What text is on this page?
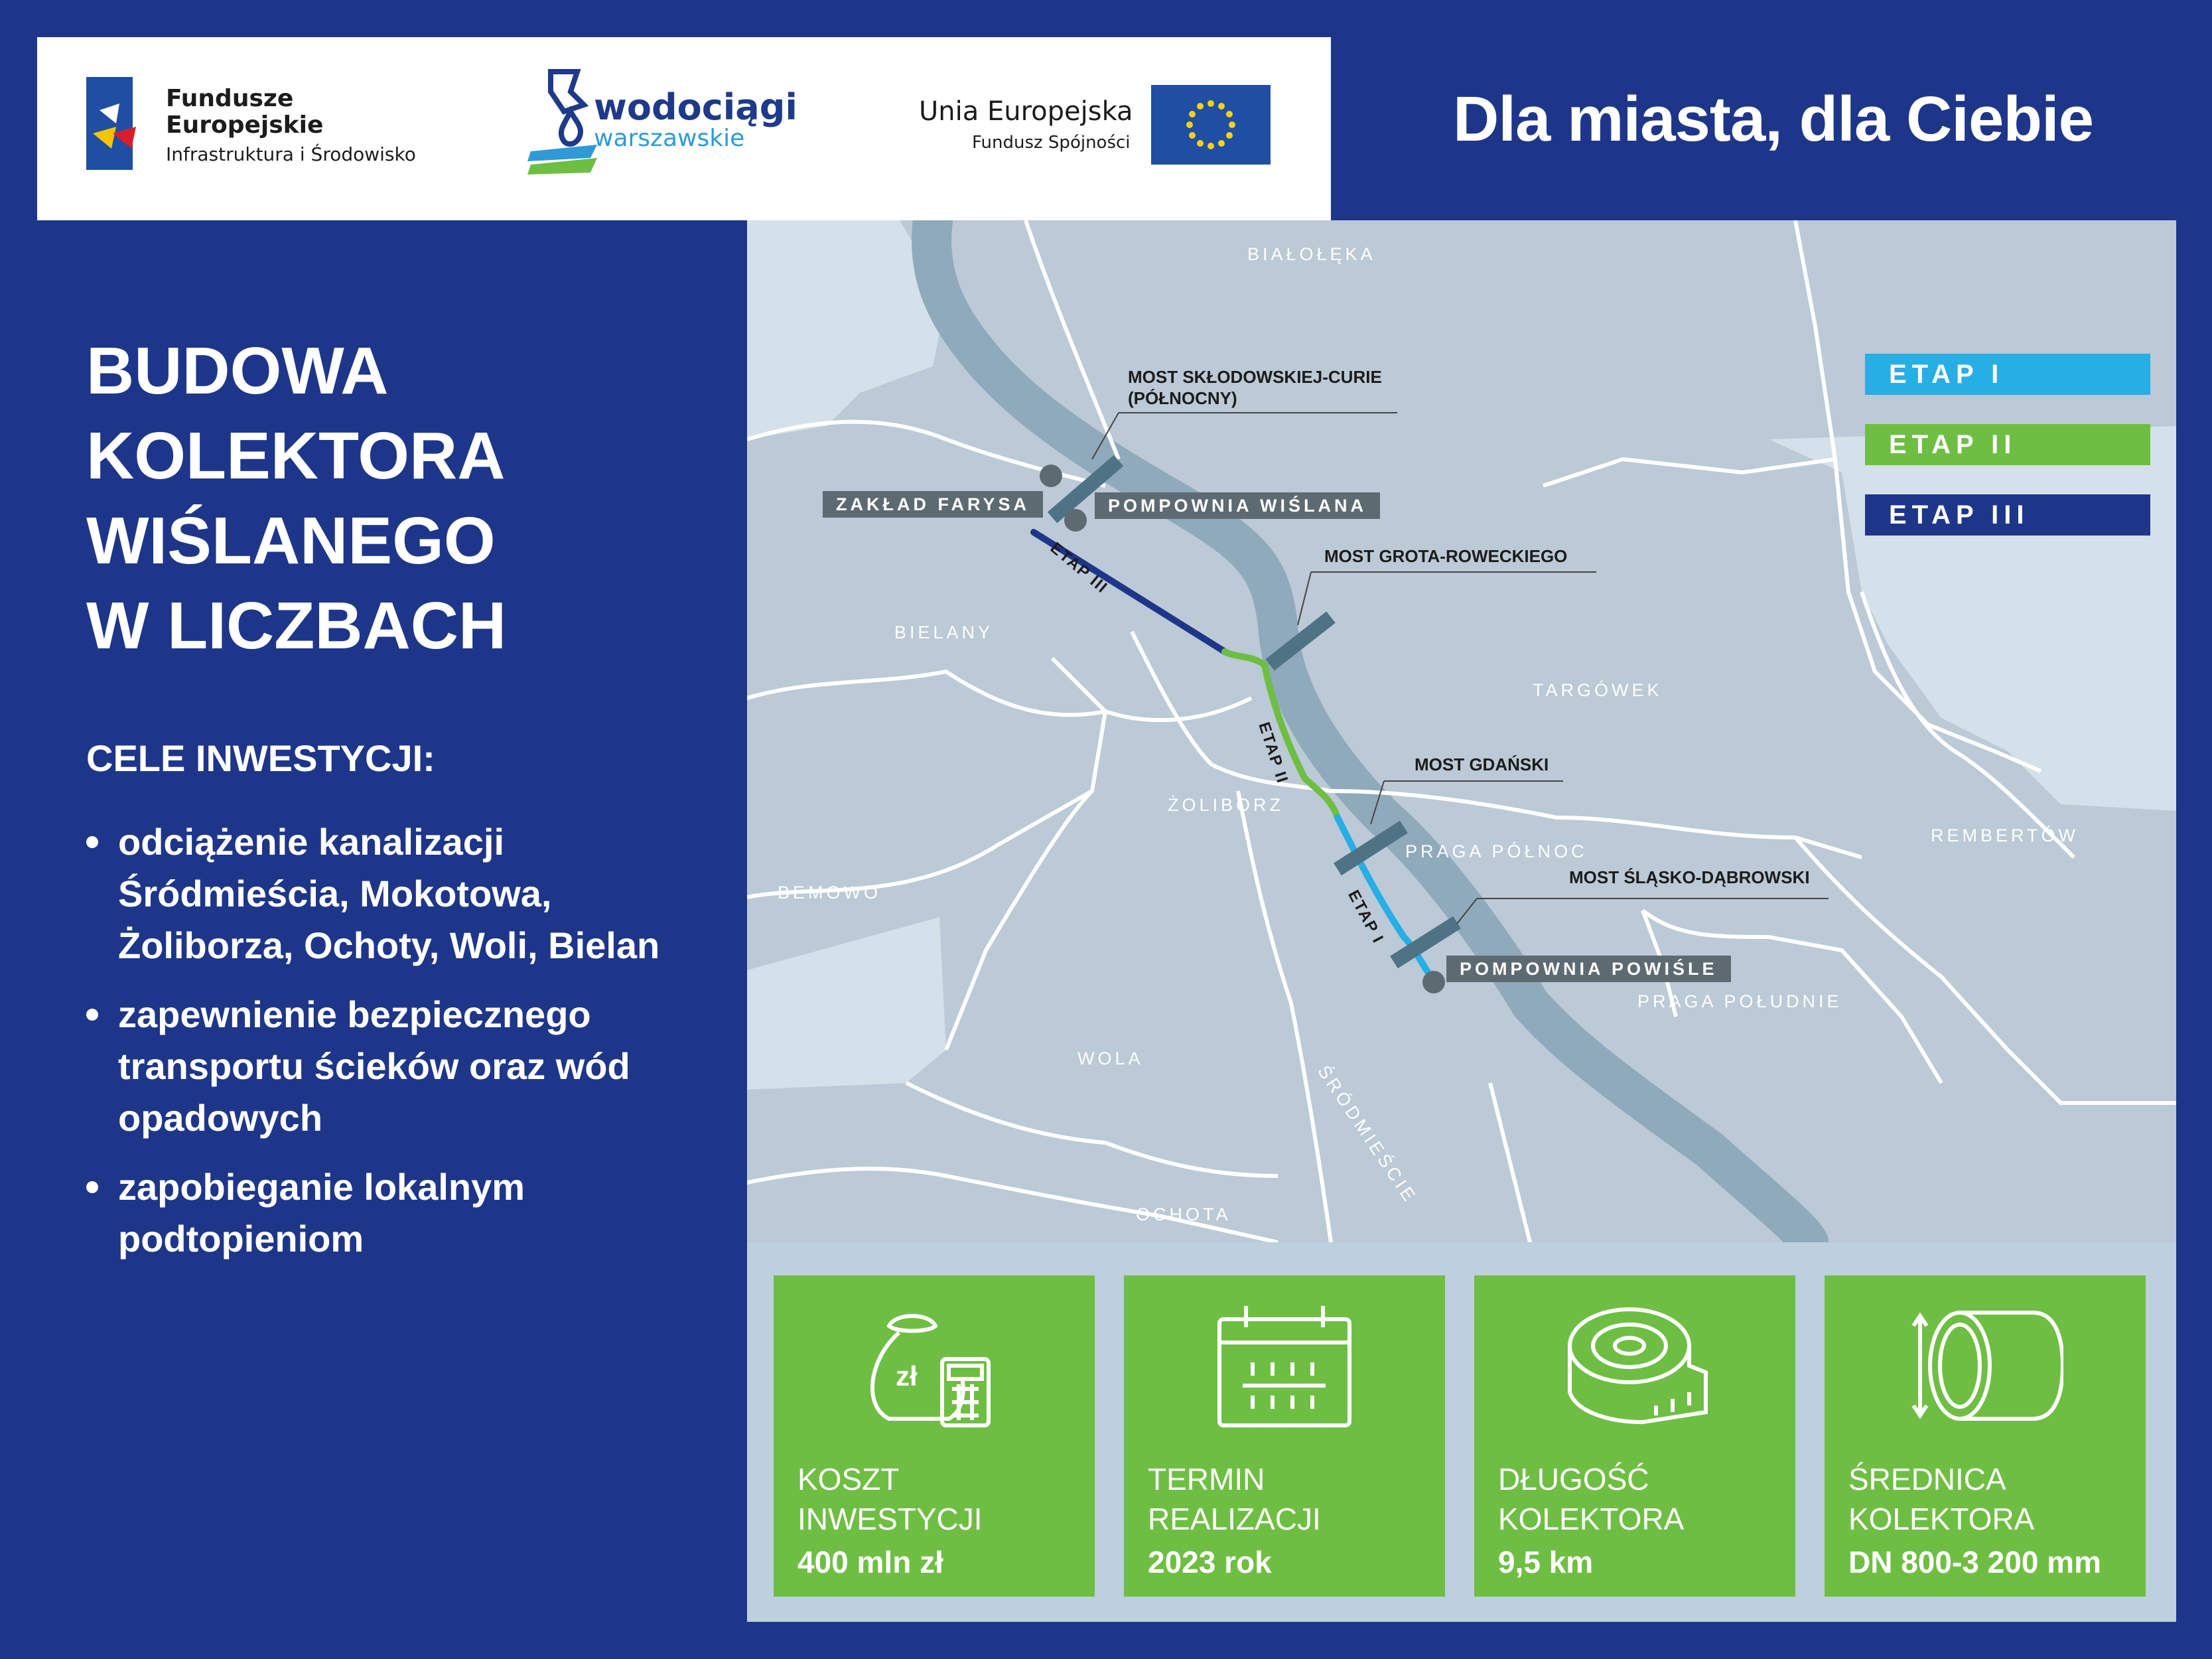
Dla miasta, dla Ciebie
Fundusze
Europejskie
Infrastruktura i Środowisko
wodociągi
warszawskie
Unia Europejska
Fundusz Spójności
BUDOWA
KOLEKTORA
WIŚLANEGO
W LICZBACH
CELE INWESTYCJI:
odciążenie kanalizacji
Śródmieścia, Mokotowa,
Żoliborza, Ochoty, Woli, Bielan
zapewnienie bezpiecznego
transportu ścieków oraz wód
opadowych
zapobieganie lokalnym
podtopieniom
ETAP I
ETAP II
ETAP III
BIAŁOŁĘKA
BIELANY
TARGÓWEK
ŻOLIBORZ
PRAGA PÓŁNOC
REMBERTÓW
BEMOWO
PRAGA POŁUDNIE
WOLA
ŚRÓDMIEŚCIE
OCHOTA
MOST SKŁODOWSKIEJ-CURIE
(PÓŁNOCNY)
MOST GROTA-ROWECKIEGO
MOST GDAŃSKI
MOST ŚLĄSKO-DĄBROWSKI
ZAKŁAD FARYSA	POMPOWNIA WIŚLANA
POMPOWNIA POWIŚLE
ETAP III
ETAP II
ETAP I
zł
KOSZT
INWESTYCJI
400 mln zł
TERMIN
REALIZACJI
2023 rok
DŁUGOŚĆ
KOLEKTORA
9,5 km
ŚREDNICA
KOLEKTORA
DN 800-3 200 mm
